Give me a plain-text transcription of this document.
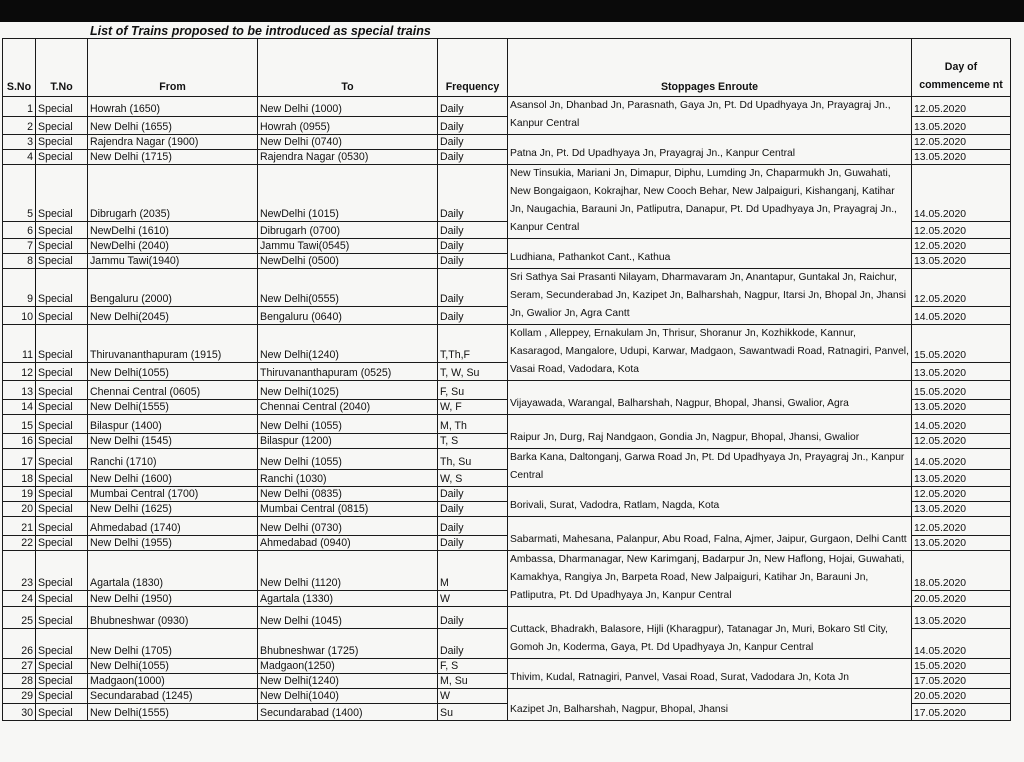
List of Trains proposed to be introduced as special trains
S.No	T.No	From	To	Frequency	Stoppages Enroute	Day of commenceme nt
1	Special	Howrah (1650)	New Delhi (1000)	Daily	Asansol Jn, Dhanbad Jn, Parasnath, Gaya Jn, Pt. Dd Upadhyaya Jn, Prayagraj Jn., Kanpur Central	12.05.2020
2	Special	New Delhi (1655)	Howrah (0955)	Daily		13.05.2020
3	Special	Rajendra Nagar (1900)	New Delhi (0740)	Daily	Patna Jn, Pt. Dd Upadhyaya Jn, Prayagraj Jn., Kanpur Central	12.05.2020
4	Special	New Delhi (1715)	Rajendra Nagar (0530)	Daily		13.05.2020
5	Special	Dibrugarh (2035)	NewDelhi (1015)	Daily	New Tinsukia, Mariani Jn, Dimapur, Diphu, Lumding Jn, Chaparmukh Jn, Guwahati, New Bongaigaon, Kokrajhar, New Cooch Behar, New Jalpaiguri, Kishanganj, Katihar Jn, Naugachia, Barauni Jn, Patliputra, Danapur, Pt. Dd Upadhyaya Jn, Prayagraj Jn., Kanpur Central	14.05.2020
6	Special	NewDelhi (1610)	Dibrugarh (0700)	Daily		12.05.2020
7	Special	NewDelhi (2040)	Jammu Tawi(0545)	Daily	Ludhiana, Pathankot Cant., Kathua	12.05.2020
8	Special	Jammu Tawi(1940)	NewDelhi (0500)	Daily		13.05.2020
9	Special	Bengaluru (2000)	New Delhi(0555)	Daily	Sri Sathya Sai Prasanti Nilayam, Dharmavaram Jn, Anantapur, Guntakal Jn, Raichur, Seram, Secunderabad Jn, Kazipet Jn, Balharshah, Nagpur, Itarsi Jn, Bhopal Jn, Jhansi Jn, Gwalior Jn, Agra Cantt	12.05.2020
10	Special	New Delhi(2045)	Bengaluru (0640)	Daily		14.05.2020
11	Special	Thiruvananthapuram (1915)	New Delhi(1240)	T,Th,F	Kollam , Alleppey, Ernakulam Jn, Thrisur, Shoranur Jn, Kozhikkode, Kannur, Kasaragod, Mangalore, Udupi, Karwar, Madgaon, Sawantwadi Road, Ratnagiri, Panvel, Vasai Road, Vadodara, Kota	15.05.2020
12	Special	New Delhi(1055)	Thiruvananthapuram (0525)	T, W, Su		13.05.2020
13	Special	Chennai Central (0605)	New Delhi(1025)	F, Su	Vijayawada, Warangal, Balharshah, Nagpur, Bhopal, Jhansi, Gwalior, Agra	15.05.2020
14	Special	New Delhi(1555)	Chennai Central (2040)	W, F		13.05.2020
15	Special	Bilaspur (1400)	New Delhi (1055)	M, Th	Raipur Jn, Durg, Raj Nandgaon, Gondia Jn, Nagpur, Bhopal, Jhansi, Gwalior	14.05.2020
16	Special	New Delhi (1545)	Bilaspur (1200)	T, S		12.05.2020
17	Special	Ranchi (1710)	New Delhi (1055)	Th, Su	Barka Kana, Daltonganj, Garwa Road Jn, Pt. Dd Upadhyaya Jn, Prayagraj Jn., Kanpur Central	14.05.2020
18	Special	New Delhi (1600)	Ranchi (1030)	W, S		13.05.2020
19	Special	Mumbai Central (1700)	New Delhi (0835)	Daily	Borivali, Surat, Vadodra, Ratlam, Nagda, Kota	12.05.2020
20	Special	New Delhi (1625)	Mumbai Central (0815)	Daily		13.05.2020
21	Special	Ahmedabad (1740)	New Delhi (0730)	Daily	Sabarmati, Mahesana, Palanpur, Abu Road, Falna, Ajmer, Jaipur, Gurgaon, Delhi Cantt	12.05.2020
22	Special	New Delhi (1955)	Ahmedabad (0940)	Daily		13.05.2020
23	Special	Agartala (1830)	New Delhi (1120)	M	Ambassa, Dharmanagar, New Karimganj, Badarpur Jn, New Haflong, Hojai, Guwahati, Kamakhya, Rangiya Jn, Barpeta Road, New Jalpaiguri, Katihar Jn, Barauni Jn, Patliputra, Pt. Dd Upadhyaya Jn, Kanpur Central	18.05.2020
24	Special	New Delhi (1950)	Agartala (1330)	W		20.05.2020
25	Special	Bhubneshwar (0930)	New Delhi (1045)	Daily	Cuttack, Bhadrakh, Balasore, Hijli (Kharagpur), Tatanagar Jn, Muri, Bokaro Stl City, Gomoh Jn, Koderma, Gaya, Pt. Dd Upadhyaya Jn, Kanpur Central	13.05.2020
26	Special	New Delhi (1705)	Bhubneshwar (1725)	Daily		14.05.2020
27	Special	New Delhi(1055)	Madgaon(1250)	F, S	Thivim, Kudal, Ratnagiri, Panvel, Vasai Road, Surat, Vadodara Jn, Kota Jn	15.05.2020
28	Special	Madgaon(1000)	New Delhi(1240)	M, Su		17.05.2020
29	Special	Secundarabad (1245)	New Delhi(1040)	W	Kazipet Jn, Balharshah, Nagpur, Bhopal, Jhansi	20.05.2020
30	Special	New Delhi(1555)	Secundarabad (1400)	Su		17.05.2020
